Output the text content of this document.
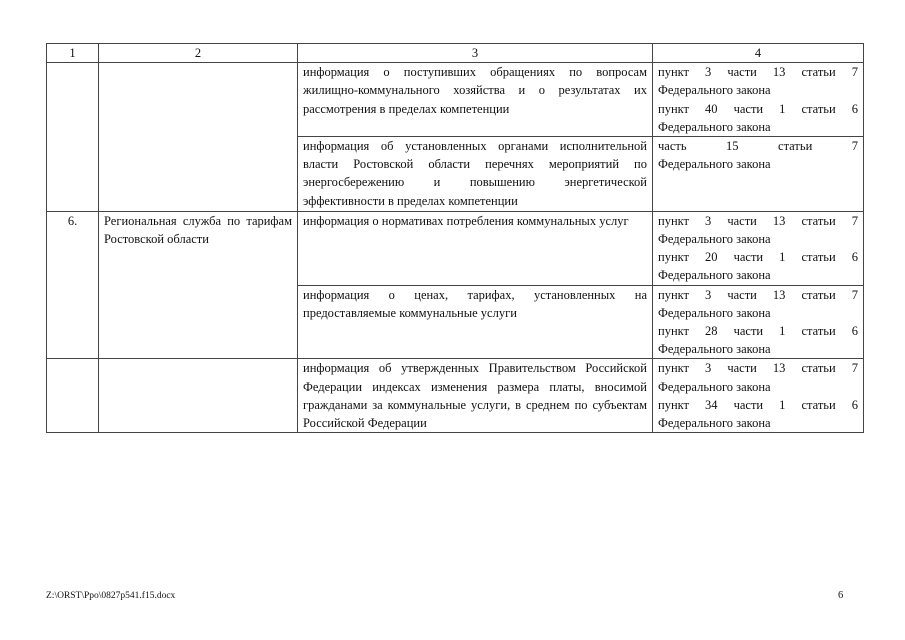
1	2	3	4
		информация о поступивших обращениях по вопросам жилищно-коммунального хозяйства и о результатах их рассмотрения в пределах компетенции	пункт 3 части 13 статьи 7
Федерального закона
пункт 40 части 1 статьи 6
Федерального закона

		информация об установленных органами исполнительной власти Ростовской области перечнях мероприятий по энергосбережению и повышению энергетической эффективности в пределах компетенции	часть 15 статьи 7
Федерального закона

6.	Региональная служба по тарифам Ростовской области	информация о нормативах потребления коммунальных услуг	пункт 3 части 13 статьи 7
Федерального закона
пункт 20 части 1 статьи 6
Федерального закона

		информация о ценах, тарифах, установленных на предоставляемые коммунальные услуги	пункт 3 части 13 статьи 7
Федерального закона
пункт 28 части 1 статьи 6
Федерального закона

		информация об утвержденных Правительством Российской Федерации индексах изменения размера платы, вносимой гражданами за коммунальные услуги, в среднем по субъектам Российской Федерации	пункт 3 части 13 статьи 7
Федерального закона
пункт 34 части 1 статьи 6
Федерального закона
Z:\ORST\Ppo\0827p541.f15.docx	6
